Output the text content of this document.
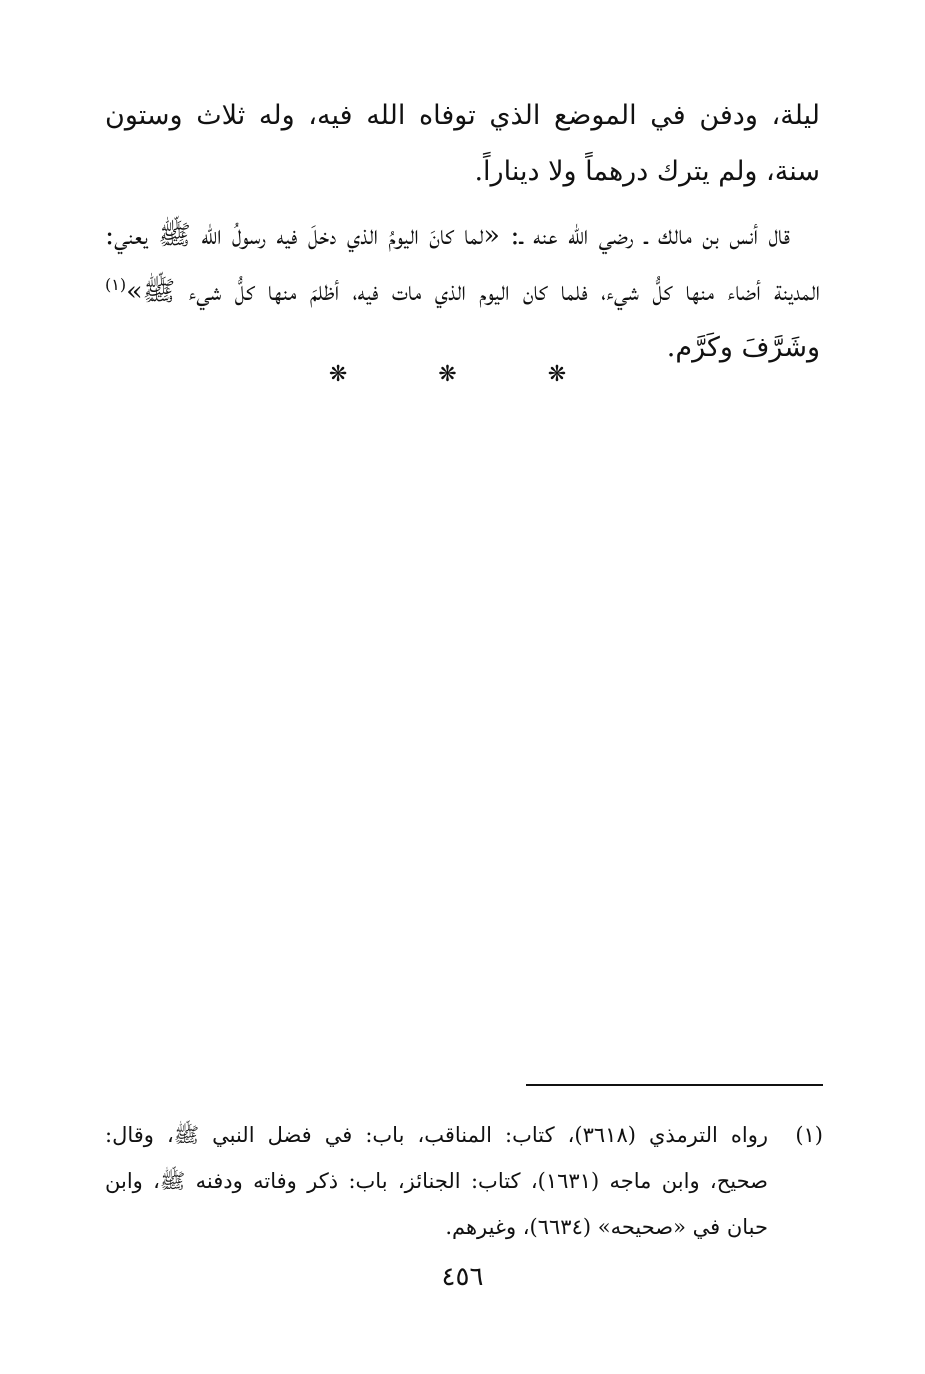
ليلة، ودفن في الموضع الذي توفاه الله فيه، وله ثلاث وستون سنة، ولم يترك درهماً ولا ديناراً.

قال أنس بن مالك ـ رضي الله عنه ـ: «لما كانَ اليومُ الذي دخلَ فيه رسولُ الله ﷺ يعني: المدينة أضاء منها كلُّ شيء، فلما كان اليوم الذي مات فيه، أظلمَ منها كلُّ شيء ﷺ»$^{(١)}$ وشَرَّفَ وكَرَّم.

❋	❋	❋
(١)
رواه الترمذي (٣٦١٨)، كتاب: المناقب، باب: في فضل النبي ﷺ، وقال: صحيح، وابن ماجه (١٦٣١)، كتاب: الجنائز، باب: ذكر وفاته ودفنه ﷺ، وابن حبان في «صحيحه» (٦٦٣٤)، وغيرهم.
٤٥٦
